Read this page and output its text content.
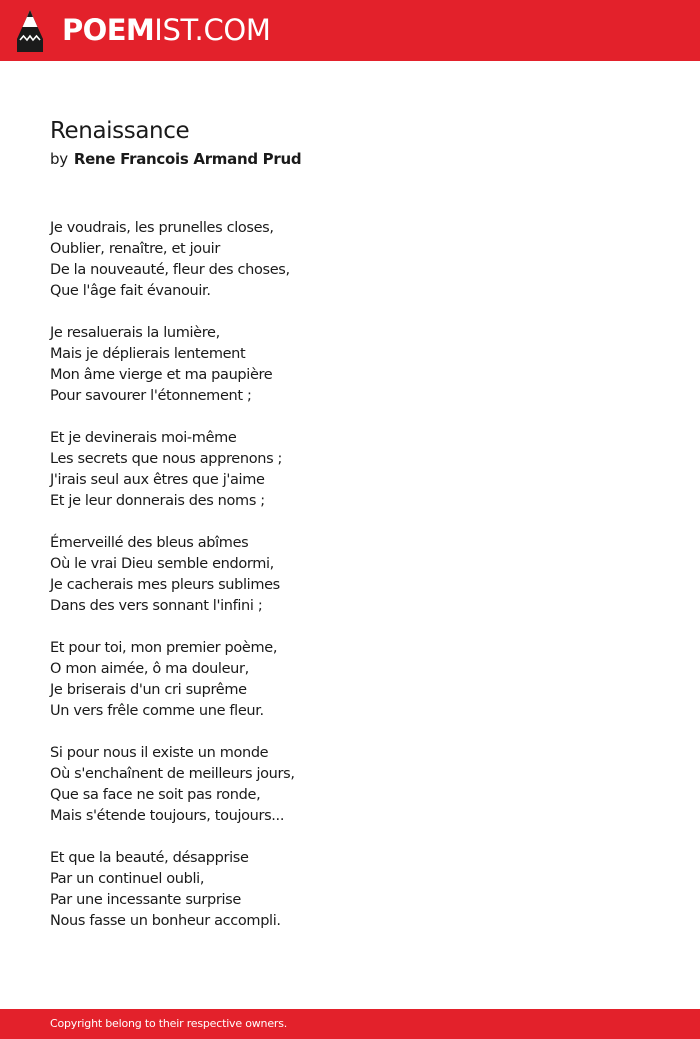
POEMIST.COM
Renaissance
by Rene Francois Armand Prud
Je voudrais, les prunelles closes,
Oublier, renaître, et jouir
De la nouveauté, fleur des choses,
Que l'âge fait évanouir.
Je resaluerais la lumière,
Mais je déplierais lentement
Mon âme vierge et ma paupière
Pour savourer l'étonnement ;
Et je devinerais moi-même
Les secrets que nous apprenons ;
J'irais seul aux êtres que j'aime
Et je leur donnerais des noms ;
Émerveillé des bleus abîmes
Où le vrai Dieu semble endormi,
Je cacherais mes pleurs sublimes
Dans des vers sonnant l'infini ;
Et pour toi, mon premier poème,
O mon aimée, ô ma douleur,
Je briserais d'un cri suprême
Un vers frêle comme une fleur.
Si pour nous il existe un monde
Où s'enchaînent de meilleurs jours,
Que sa face ne soit pas ronde,
Mais s'étende toujours, toujours...
Et que la beauté, désapprise
Par un continuel oubli,
Par une incessante surprise
Nous fasse un bonheur accompli.
Copyright belong to their respective owners.
